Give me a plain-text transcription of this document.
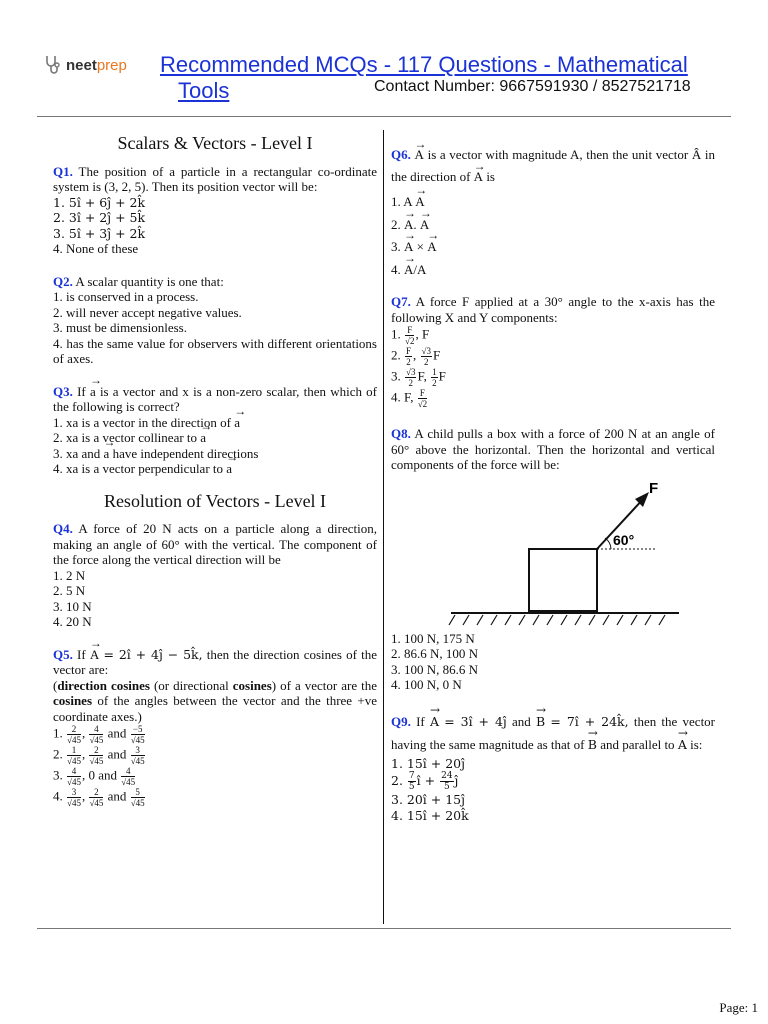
neetprep Recommended MCQs - 117 Questions - Mathematical
Tools	Contact Number: 9667591930 / 8527521718
Scalars & Vectors - Level I

Q1. The position of a particle in a rectangular co-ordinate system is (3, 2, 5). Then its position vector will be:

1. 5î + 6ĵ + 2k̂
2. 3î + 2ĵ + 5k̂
3. 5î + 3ĵ + 2k̂
4. None of these

Q2. A scalar quantity is one that:

1. is conserved in a process.
2. will never accept negative values.
3. must be dimensionless.

4. has the same value for observers with different orientations of axes.

Q3. If → a is a vector and x is a non-zero scalar, then which of the following is correct?

1. xa is a vector in the direction of → a
2. xa is a vector collinear to → a
3. xa and → a have independent directions
4. xa is a vector perpendicular to → a
Resolution of Vectors - Level I

Q4. A force of 20 N acts on a particle along a direction, making an angle of 60° with the vertical. The component of the force along the vertical direction will be

1. 2 N
2. 5 N
3. 10 N
4. 20 N

Q5. If → A = 2î + 4ĵ − 5k̂, then the direction cosines of the vector are:

(direction cosines (or directional cosines) of a vector are the cosines of the angles between the vector and the three +ve coordinate axes.)

1. $\frac{2}{√45}$ , $\frac{4}{√45}$ and $\frac{-5}{√45}$
2. $\frac{1}{√45}$ , $\frac{2}{√45}$ and $\frac{3}{√45}$
3. $\frac{4}{√45}$ , 0 and $\frac{4}{√45}$
4. $\frac{3}{√45}$ , $\frac{2}{√45}$ and $\frac{5}{√45}$

Q6. → A is a vector with magnitude A, then the unit vector Â in the direction of → A is

1. A → A
2. → A. → A
3. → A × → A
4. → A/A

Q7. A force F applied at a 30° angle to the x-axis has the following X and Y components:

1. $\frac{F}{√2}$ , F
2. $\frac{F}{2}$ , $\frac{√3}{2}$ F
3. $\frac{√3}{2} F$, $\frac{1}{2}$ F
4. F, $\frac{F}{√2}$

Q8. A child pulls a box with a force of 200 N at an angle of 60° above the horizontal. Then the horizontal and vertical components of the force will be:

F
60°
1. 100 N, 175 N
2. 86.6 N, 100 N
3. 100 N, 86.6 N
4. 100 N, 0 N

Q9. If → A = 3î + 4ĵ and → B = 7î + 24k̂, then the vector having the same magnitude as that of → B and parallel to → A is:

1. 15î + 20ĵ
2. $\frac{7}{5}$ î + $\frac{24}{5}$ ĵ
3. 20î + 15ĵ
4. 15î + 20k̂
Page: 1
